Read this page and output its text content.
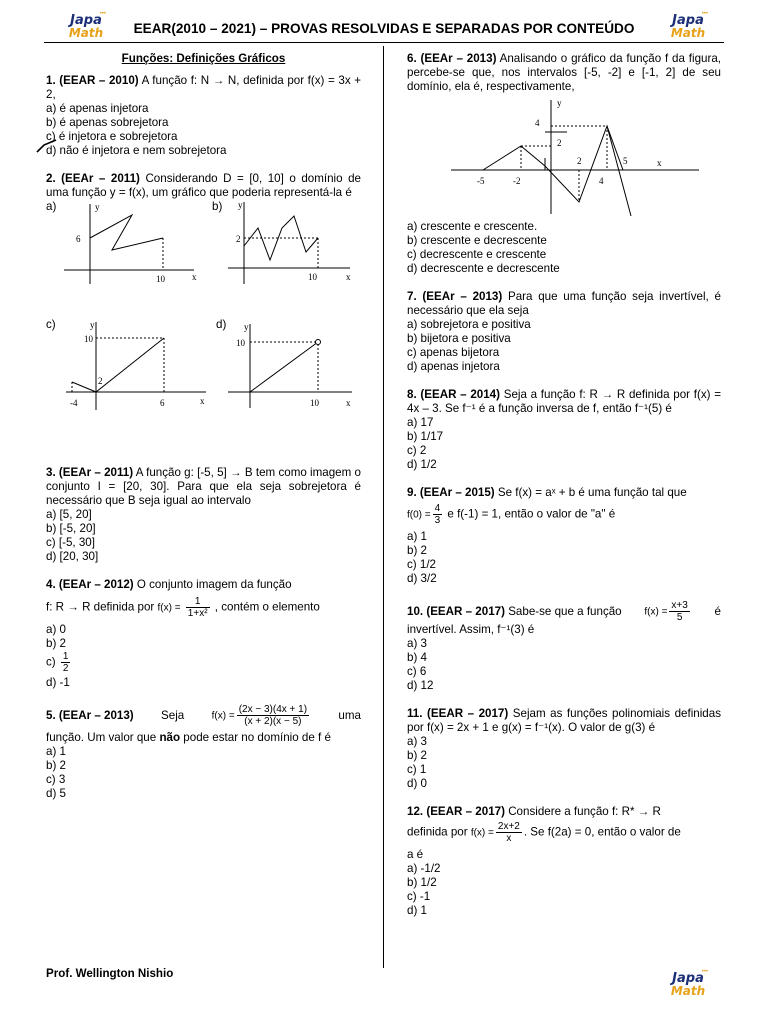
•••
Japa
Math
•••
Japa
Math
EEAR(2010 – 2021) – PROVAS RESOLVIDAS E SEPARADAS POR CONTEÚDO
Funções: Definições Gráficos
1. (EEAR – 2010) A função f: N → N, definida por f(x) = 3x + 2,
a) é apenas injetora
b) é apenas sobrejetora
c) é injetora e sobrejetora
d) não é injetora e nem sobrejetora
2. (EEAr – 2011) Considerando D = [0, 10] o domínio de uma função y = f(x), um gráfico que poderia representá-la é
a)	y
x
6
10
b) y
x
2
10
c)	y
x
10
2
-4	6
d) y
x
10
10
3. (EEAr – 2011) A função g: [-5, 5] → B tem como imagem o conjunto I = [20, 30]. Para que ela seja sobrejetora é necessário que B seja igual ao intervalo
a) [5, 20]
b) [-5, 20]
c) [-5, 30]
d) [20, 30]
4. (EEAr – 2012) O conjunto imagem da função
f: R → R definida por $f(x) = \frac{1}{\text{1+x²}}$ , contém o elemento
a) 0
b) 2
$c) \frac{1}{2}$
d) -1
5. (EEAr – 2013) Seja	$f(x) = \frac{(2x - 3)(4x + 1)}{(x + 2)(x - 5)}$	uma
função. Um valor que não pode estar no domínio de f é
a) 1
b) 2
c) 3
d) 5
6. (EEAr – 2013) Analisando o gráfico da função f da figura, percebe-se que, nos intervalos [-5, -2] e [-1, 2] de seu domínio, ela é, respectivamente,
y
x
-5	-2
2
4
5
4
2
a) crescente e crescente.
b) crescente e decrescente
c) decrescente e crescente
d) decrescente e decrescente
7. (EEAr – 2013) Para que uma função seja invertível, é necessário que ela seja
a) sobrejetora e positiva
b) bijetora e positiva
c) apenas bijetora
d) apenas injetora
8. (EEAR – 2014) Seja a função f: R → R definida por f(x) = 4x – 3. Se f⁻¹ é a função inversa de f, então f⁻¹(5) é
a) 17
b) 1/17
c) 2
d) 1/2
9. (EEAr – 2015) Se f(x) = aˣ + b é uma função tal que
$f(0) = \frac{4}{3}$ e f(-1) = 1, então o valor de "a" é
a) 1
b) 2
c) 1/2
d) 3/2
10. (EEAR – 2017) Sabe-se que a função $f(x) = \frac{x+3}{5}$ é
invertível. Assim, f⁻¹(3) é
a) 3
b) 4
c) 6
d) 12
11. (EEAR – 2017) Sejam as funções polinomiais definidas por f(x) = 2x + 1 e g(x) = f⁻¹(x). O valor de g(3) é
a) 3
b) 2
c) 1
d) 0
12. (EEAR – 2017) Considere a função f: R* → R
definida por $f(x) = \frac{2x+2}{x}$ . Se f(2a) = 0, então o valor de
a é
a) -1/2
b) 1/2
c) -1
d) 1
Prof. Wellington Nishio	•••
Japa
Math
